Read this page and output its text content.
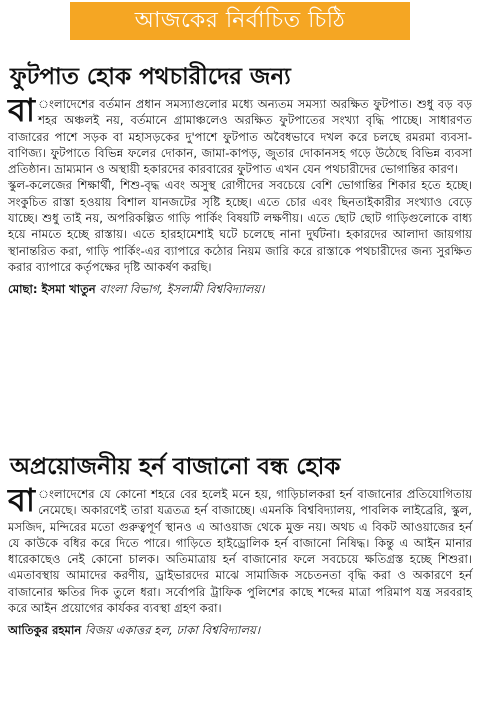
আজকের নির্বাচিত চিঠি
ফুটপাত হোক পথচারীদের জন্য

বা ংলাদেশের বর্তমান প্রধান সমস্যাগুলোর মধ্যে অন্যতম সমস্যা অরক্ষিত ফুটপাত। শুধু বড় বড় শহর অঞ্চলই নয়, বর্তমানে গ্রামাঞ্চলেও অরক্ষিত ফুটপাতের সংখ্যা বৃদ্ধি পাচ্ছে। সাধারণত বাজারের পাশে সড়ক বা মহাসড়কের দু'পাশে ফুটপাত অবৈধভাবে দখল করে চলছে রমরমা ব্যবসা-বাণিজ্য। ফুটপাতে বিভিন্ন ফলের দোকান, জামা-কাপড়, জুতার দোকানসহ গড়ে উঠেছে বিভিন্ন ব্যবসা প্রতিষ্ঠান। ভ্রাম্যমান ও অস্থায়ী হকারদের কারবারের ফুটপাত এখন যেন পথচারীদের ভোগান্তির কারণ।

স্কুল-কলেজের শিক্ষার্থী, শিশু-বৃদ্ধ এবং অসুস্থ রোগীদের সবচেয়ে বেশি ভোগান্তির শিকার হতে হচ্ছে। সংকুচিত রাস্তা হওয়ায় বিশাল যানজটের সৃষ্টি হচ্ছে। এতে চোর এবং ছিনতাইকারীর সংখ্যাও বেড়ে যাচ্ছে। শুধু তাই নয়, অপরিকল্পিত গাড়ি পার্কিং বিষয়টি লক্ষণীয়। এতে ছোট ছোট গাড়িগুলোকে বাধ্য হয়ে নামতে হচ্ছে রাস্তায়। এতে হারহামেশাই ঘটে চলেছে নানা দুর্ঘটনা। হকারদের আলাদা জায়গায় স্থানান্তরিত করা, গাড়ি পার্কিং-এর ব্যাপারে কঠোর নিয়ম জারি করে রাস্তাকে পথচারীদের জন্য সুরক্ষিত করার ব্যাপারে কর্তৃপক্ষের দৃষ্টি আকর্ষণ করছি।

মোছা: ইসমা খাতুন বাংলা বিভাগ, ইসলামী বিশ্ববিদ্যালয়।
অপ্রয়োজনীয় হর্ন বাজানো বন্ধ হোক

বা ংলাদেশের যে কোনো শহরে বের হলেই মনে হয়, গাড়িচালকরা হর্ন বাজানোর প্রতিযোগিতায় নেমেছে। অকারণেই তারা যত্রতত্র হর্ন বাজাচ্ছে। এমনকি বিশ্ববিদ্যালয়, পাবলিক লাইব্রেরি, স্কুল, মসজিদ, মন্দিরের মতো গুরুত্বপূর্ণ স্থানও এ আওয়াজ থেকে মুক্ত নয়। অথচ এ বিকট আওয়াজের হর্ন যে কাউকে বধির করে দিতে পারে। গাড়িতে হাইড্রোলিক হর্ন বাজানো নিষিদ্ধ। কিন্তু এ আইন মানার ধারেকাছেও নেই কোনো চালক। অতিমাত্রায় হর্ন বাজানোর ফলে সবচেয়ে ক্ষতিগ্রস্ত হচ্ছে শিশুরা। এমতাবস্থায় আমাদের করণীয়, ড্রাইভারদের মাঝে সামাজিক সচেতনতা বৃদ্ধি করা ও অকারণে হর্ন বাজানোর ক্ষতির দিক তুলে ধরা। সর্বোপরি ট্রাফিক পুলিশের কাছে শব্দের মাত্রা পরিমাপ যন্ত্র সরবরাহ করে আইন প্রয়োগের কার্যকর ব্যবস্থা গ্রহণ করা।

আতিকুর রহমান বিজয় একাত্তর হল, ঢাকা বিশ্ববিদ্যালয়।
